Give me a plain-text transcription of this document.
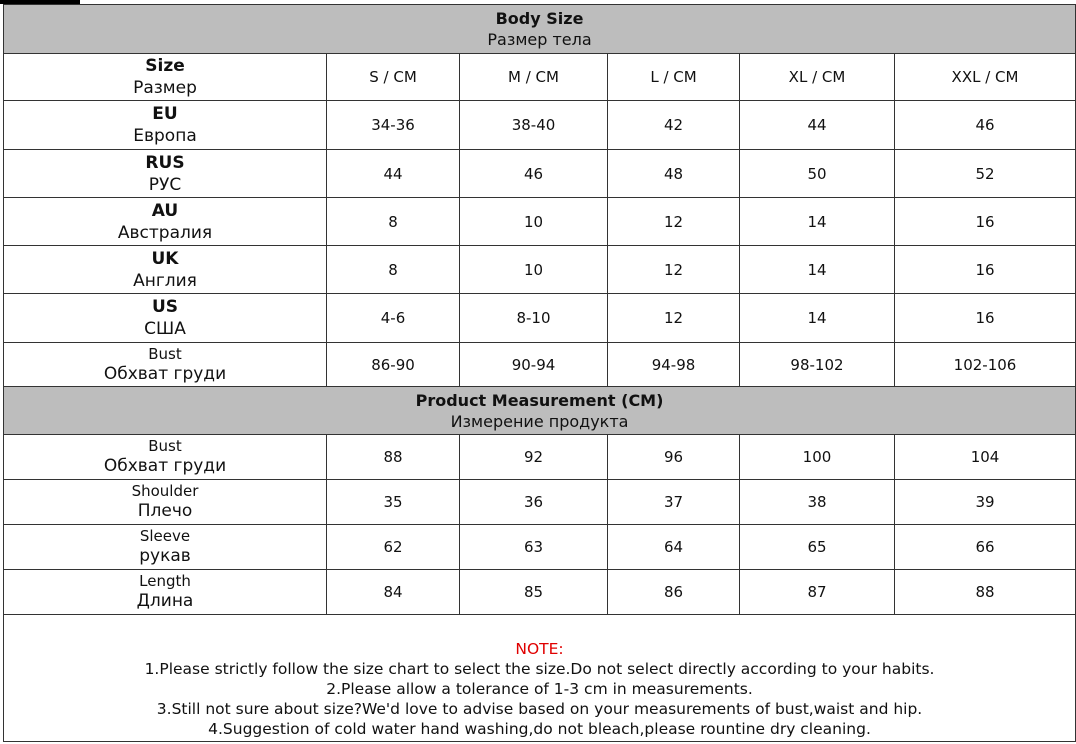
Body Size
Размер тела					

Size
Размер	S / CM	M / CM	L / CM	XL / CM	XXL / CM

EU
Европа	34-36	38-40	42	44	46

RUS
РУС	44	46	48	50	52

AU
Австралия	8	10	12	14	16

UK
Англия	8	10	12	14	16

US
США	4-6	8-10	12	14	16

Bust
Обхват груди	86-90	90-94	94-98	98-102	102-106

Product Measurement (CM)
Измерение продукта					

Bust
Обхват груди	88	92	96	100	104

Shoulder
Плечо	35	36	37	38	39

Sleeve
рукав	62	63	64	65	66

Length
Длина	84	85	86	87	88

NOTE:
1.Please strictly follow the size chart to select the size.Do not select directly according to your habits.
2.Please allow a tolerance of 1-3 cm in measurements.
3.Still not sure about size?We'd love to advise based on your measurements of bust,waist and hip.
4.Suggestion of cold water hand washing,do not bleach,please rountine dry cleaning.					
